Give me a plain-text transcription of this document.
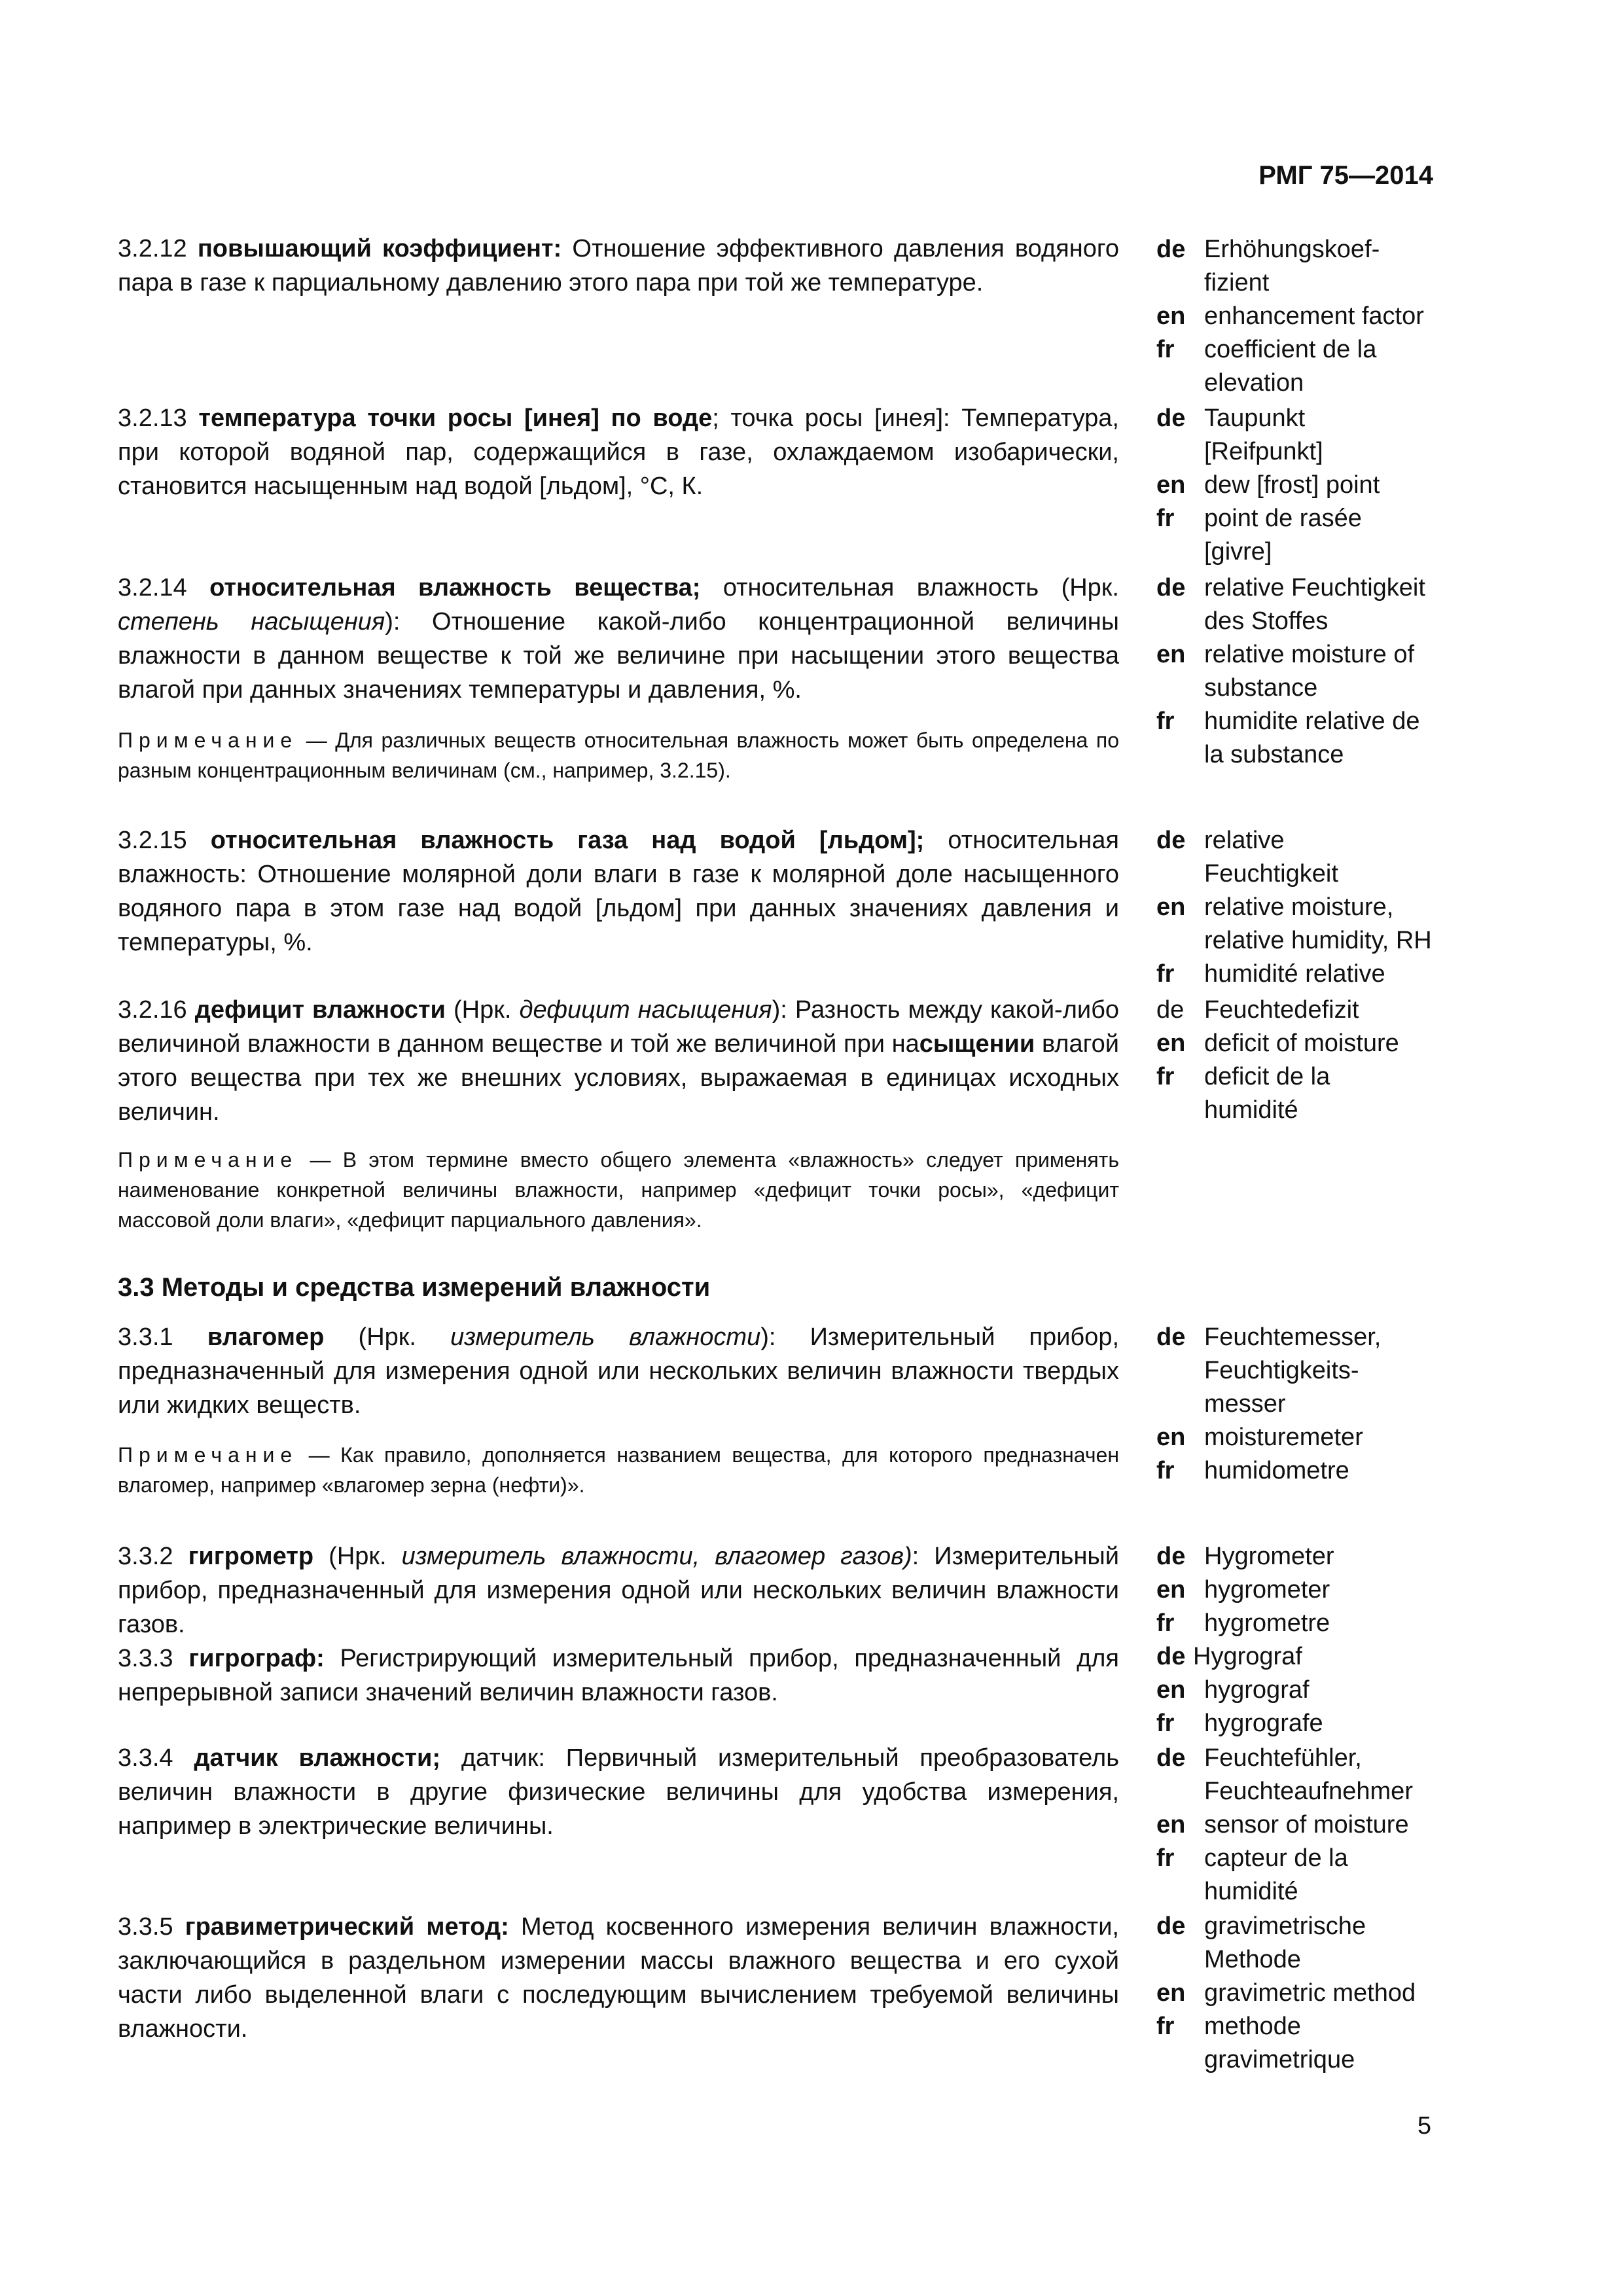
РМГ 75—2014
3.2.12 повышающий коэффициент: Отношение эффективного давления водяного пара в газе к парциальному давлению этого пара при той же температуре.
de Erhöhungskoef-
fizient
en enhancement factor
fr coefficient de la
elevation
3.2.13 температура точки росы [инея] по воде; точка росы [инея]: Температура, при которой водяной пар, содержащийся в газе, охлаждаемом изобарически, становится насыщенным над водой [льдом], °С, К.
de Taupunkt
[Reifpunkt]
en dew [frost] point
fr point de rasée
[givre]
3.2.14 относительная влажность вещества; относительная влажность (Нрк. степень насыщения): Отношение какой-либо концентрационной величины влажности в данном веществе к той же величине при насыщении этого вещества влагой при данных значениях температуры и давления, %.
Примечание — Для различных веществ относительная влажность может быть определена по разным концентрационным величинам (см., например, 3.2.15).
de relative Feuchtigkeit
des Stoffes
en relative moisture of
substance
fr humidite relative de
la substance
3.2.15 относительная влажность газа над водой [льдом]; относительная влажность: Отношение молярной доли влаги в газе к молярной доле насыщенного водяного пара в этом газе над водой [льдом] при данных значениях давления и температуры, %.
de relative
Feuchtigkeit
en relative moisture,
relative humidity, RH
fr humidité relative
3.2.16 дефицит влажности (Нрк. дефицит насыщения): Разность между какой-либо величиной влажности в данном веществе и той же величиной при насыщении влагой этого вещества при тех же внешних условиях, выражаемая в единицах исходных величин.
Примечание — В этом термине вместо общего элемента «влажность» следует применять наименование конкретной величины влажности, например «дефицит точки росы», «дефицит массовой доли влаги», «дефицит парциального давления».
de Feuchtedefizit
en deficit of moisture
fr deficit de la
humidité
3.3 Методы и средства измерений влажности
3.3.1 влагомер (Нрк. измеритель влажности): Измерительный прибор, предназначенный для измерения одной или нескольких величин влажности твердых или жидких веществ.
Примечание — Как правило, дополняется названием вещества, для которого предназначен влагомер, например «влагомер зерна (нефти)».
de Feuchtemesser,
Feuchtigkeits-
messer
en moisturemeter
fr humidometre
3.3.2 гигрометр (Нрк. измеритель влажности, влагомер газов): Измерительный прибор, предназначенный для измерения одной или нескольких величин влажности газов.
de Hygrometer
en hygrometer
fr hygrometre
3.3.3 гигрограф: Регистрирующий измерительный прибор, предназначенный для непрерывной записи значений величин влажности газов.
de Hygrograf
en hygrograf
fr hygrografe
3.3.4 датчик влажности; датчик: Первичный измерительный преобразователь величин влажности в другие физические величины для удобства измерения, например в электрические величины.
de Feuchtefühler,
Feuchteaufnehmer
en sensor of moisture
fr capteur de la
humidité
3.3.5 гравиметрический метод: Метод косвенного измерения величин влажности, заключающийся в раздельном измерении массы влажного вещества и его сухой части либо выделенной влаги с последующим вычислением требуемой величины влажности.
de gravimetrische
Methode
en gravimetric method
fr methode
gravimetrique
5
